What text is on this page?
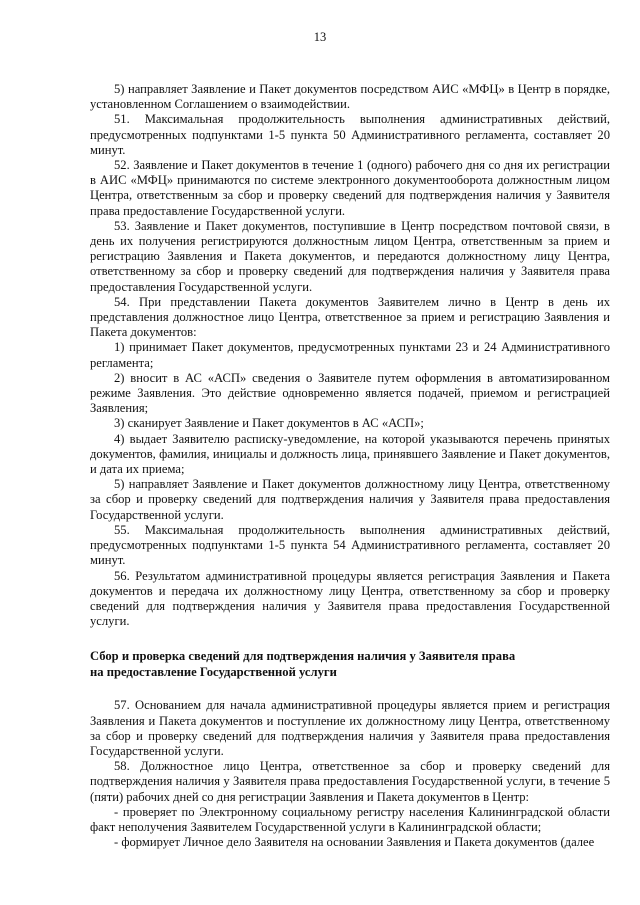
13

5) направляет Заявление и Пакет документов посредством АИС «МФЦ» в Центр в порядке, установленном Соглашением о взаимодействии.

51. Максимальная продолжительность выполнения административных действий, предусмотренных подпунктами 1-5 пункта 50 Административного регламента, составляет 20 минут.

52. Заявление и Пакет документов в течение 1 (одного) рабочего дня со дня их регистрации в АИС «МФЦ» принимаются по системе электронного документооборота должностным лицом Центра, ответственным за сбор и проверку сведений для подтверждения наличия у Заявителя права предоставление Государственной услуги.

53. Заявление и Пакет документов, поступившие в Центр посредством почтовой связи, в день их получения регистрируются должностным лицом Центра, ответственным за прием и регистрацию Заявления и Пакета документов, и передаются должностному лицу Центра, ответственному за сбор и проверку сведений для подтверждения наличия у Заявителя права предоставления Государственной услуги.

54. При представлении Пакета документов Заявителем лично в Центр в день их представления должностное лицо Центра, ответственное за прием и регистрацию Заявления и Пакета документов:

1) принимает Пакет документов, предусмотренных пунктами 23 и 24 Административного регламента;

2) вносит в АС «АСП» сведения о Заявителе путем оформления в автоматизированном режиме Заявления. Это действие одновременно является подачей, приемом и регистрацией Заявления;

3) сканирует Заявление и Пакет документов в АС «АСП»;

4) выдает Заявителю расписку-уведомление, на которой указываются перечень принятых документов, фамилия, инициалы и должность лица, принявшего Заявление и Пакет документов, и дата их приема;

5) направляет Заявление и Пакет документов должностному лицу Центра, ответственному за сбор и проверку сведений для подтверждения наличия у Заявителя права предоставления Государственной услуги.

55. Максимальная продолжительность выполнения административных действий, предусмотренных подпунктами 1-5 пункта 54 Административного регламента, составляет 20 минут.

56. Результатом административной процедуры является регистрация Заявления и Пакета документов и передача их должностному лицу Центра, ответственному за сбор и проверку сведений для подтверждения наличия у Заявителя права предоставления Государственной услуги.

Сбор и проверка сведений для подтверждения наличия у Заявителя права
на предоставление Государственной услуги

57. Основанием для начала административной процедуры является прием и регистрация Заявления и Пакета документов и поступление их должностному лицу Центра, ответственному за сбор и проверку сведений для подтверждения наличия у Заявителя права предоставления Государственной услуги.

58. Должностное лицо Центра, ответственное за сбор и проверку сведений для подтверждения наличия у Заявителя права предоставления Государственной услуги, в течение 5 (пяти) рабочих дней со дня регистрации Заявления и Пакета документов в Центр:

- проверяет по Электронному социальному регистру населения Калининградской области факт неполучения Заявителем Государственной услуги в Калининградской области;

- формирует Личное дело Заявителя на основании Заявления и Пакета документов (далее
